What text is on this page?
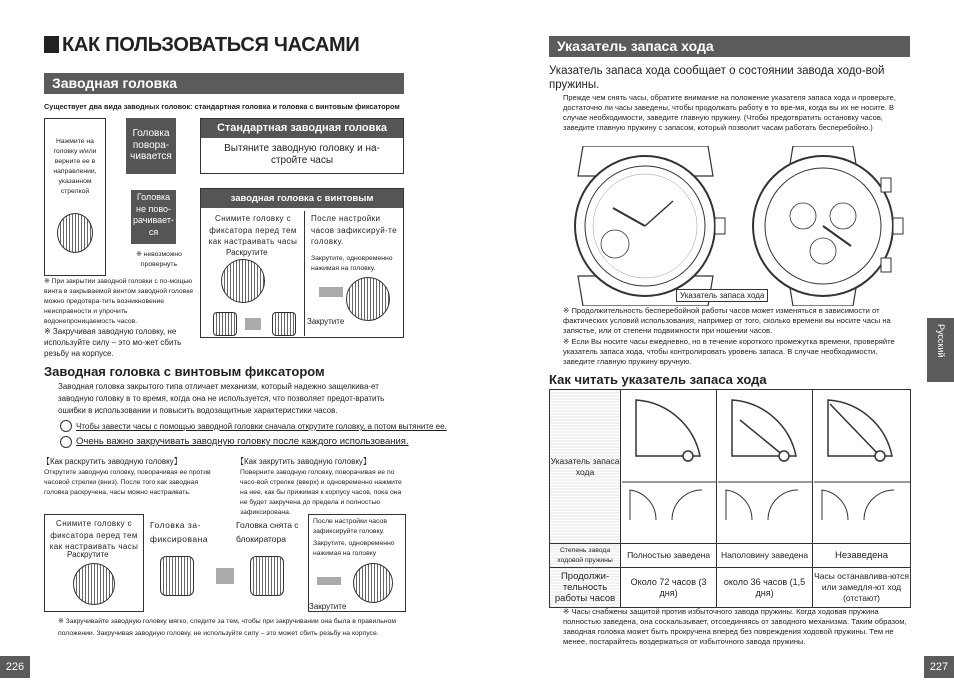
КАК ПОЛЬЗОВАТЬСЯ ЧАСАМИ
Заводная головка
Существует два вида заводных головок: стандартная головка и головка с винтовым фиксатором
Нажмите на головку и/или верните ее в направлении, указанном стрелкой
Головка повора-чивается
Головка не пово-рачивает-ся
※ невозможно провернуть
Стандартная заводная головка
Вытяните заводную головку и на-стройте часы
заводная головка с винтовым фиксатором
Снимите головку с фиксатора перед тем как настраивать часы
Раскрутите
После настройки часов зафиксируй-те головку.
Закрутите, одновременно нажимая на головку.
Закрутите
※ При закрытии заводной головки с по-мощью винта в закрываемой винтом заводной головке можно предотвра-тить возникновение неисправности и упрочить водонепроницаемость часов.
※ Закручивая заводную головку, не используйте силу – это мо-жет сбить резьбу на корпусе.
Заводная головка с винтовым фиксатором
Заводная головка закрытого типа отличает механизм, который надежно защелкива-ет заводную головку в то время, когда она не используется, что позволяет предот-вратить ошибки в использовании и повысить водозащитные характеристики часов.
Чтобы завести часы с помощью заводной головки сначала открутите головку, а потом вытяните ее.
Очень важно закручивать заводную головку после каждого использования.
【Как раскрутить заводную головку】
Открутите заводную головку, поворачивая ее против часовой стрелки (вниз). После того как заводная головка раскручена, часы можно настраивать.
【Как закрутить заводную головку】
Поверните заводную головку, поворачивая ее по часо-вой стрелке (вверх) и одновременно нажмите на нее, как бы прижимая к корпусу часов, пока она не будет закручена до предела и полностью зафиксирована.
Снимите головку с фиксатора перед тем как настраивать часы
Раскрутите
Головка за-фиксирована
Головка снята с блокиратора
После настройки часов зафиксируйте головку.
Закрутите, одновременно нажимая на головку
Закрутите
※ Закручивайте заводную головку мягко, следите за тем, чтобы при закручивании она была в правильном положении. Закручивая заводную головку, не используйте силу – это может сбить резьбу на корпусе.
226
Указатель запаса хода
Указатель запаса хода сообщает о состоянии завода ходо-вой пружины.
Прежде чем снять часы, обратите внимание на положение указателя запаса хода и проверьте, достаточно ли часы заведены, чтобы продолжать работу в то вре-мя, когда вы их не носите. В случае необходимости, заведите главную пружину. (Чтобы предотвратить остановку часов, заведите главную пружину с запасом, который позволит часам работать бесперебойно.)
Указатель запаса хода
※ Продолжительность бесперебойной работы часов может изменяться в зависимости от фактических условий использования, например от того, сколько времени вы носите часы на запястье, или от степени подвижности при ношении часов.
※ Если Вы носите часы ежедневно, но в течение короткого промежутка времени, проверяйте указатель запаса хода, чтобы контролировать уровень запаса. В случае необходимости, заведите главную пружину вручную.
Как читать указатель запаса хода
Указатель запаса хода			
Степень завода ходовой пружины	Полностью заведена	Наполовину заведена	Незаведена
Продолжи-тельность работы часов	Около 72 часов (3 дня)	около 36 часов (1,5 дня)	Часы останавлива-ются или замедля-ют ход (отстают)
※ Часы снабжены защитой против избыточного завода пружины. Когда ходовая пружина полностью заведена, она соскальзывает, отсоединяясь от заводного механизма. Таким образом, заводная головка может быть прокручена вперед без повреждения ходовой пружины. Тем не менее, постарайтесь воздержаться от избыточного завода пружины.
Русский
227
